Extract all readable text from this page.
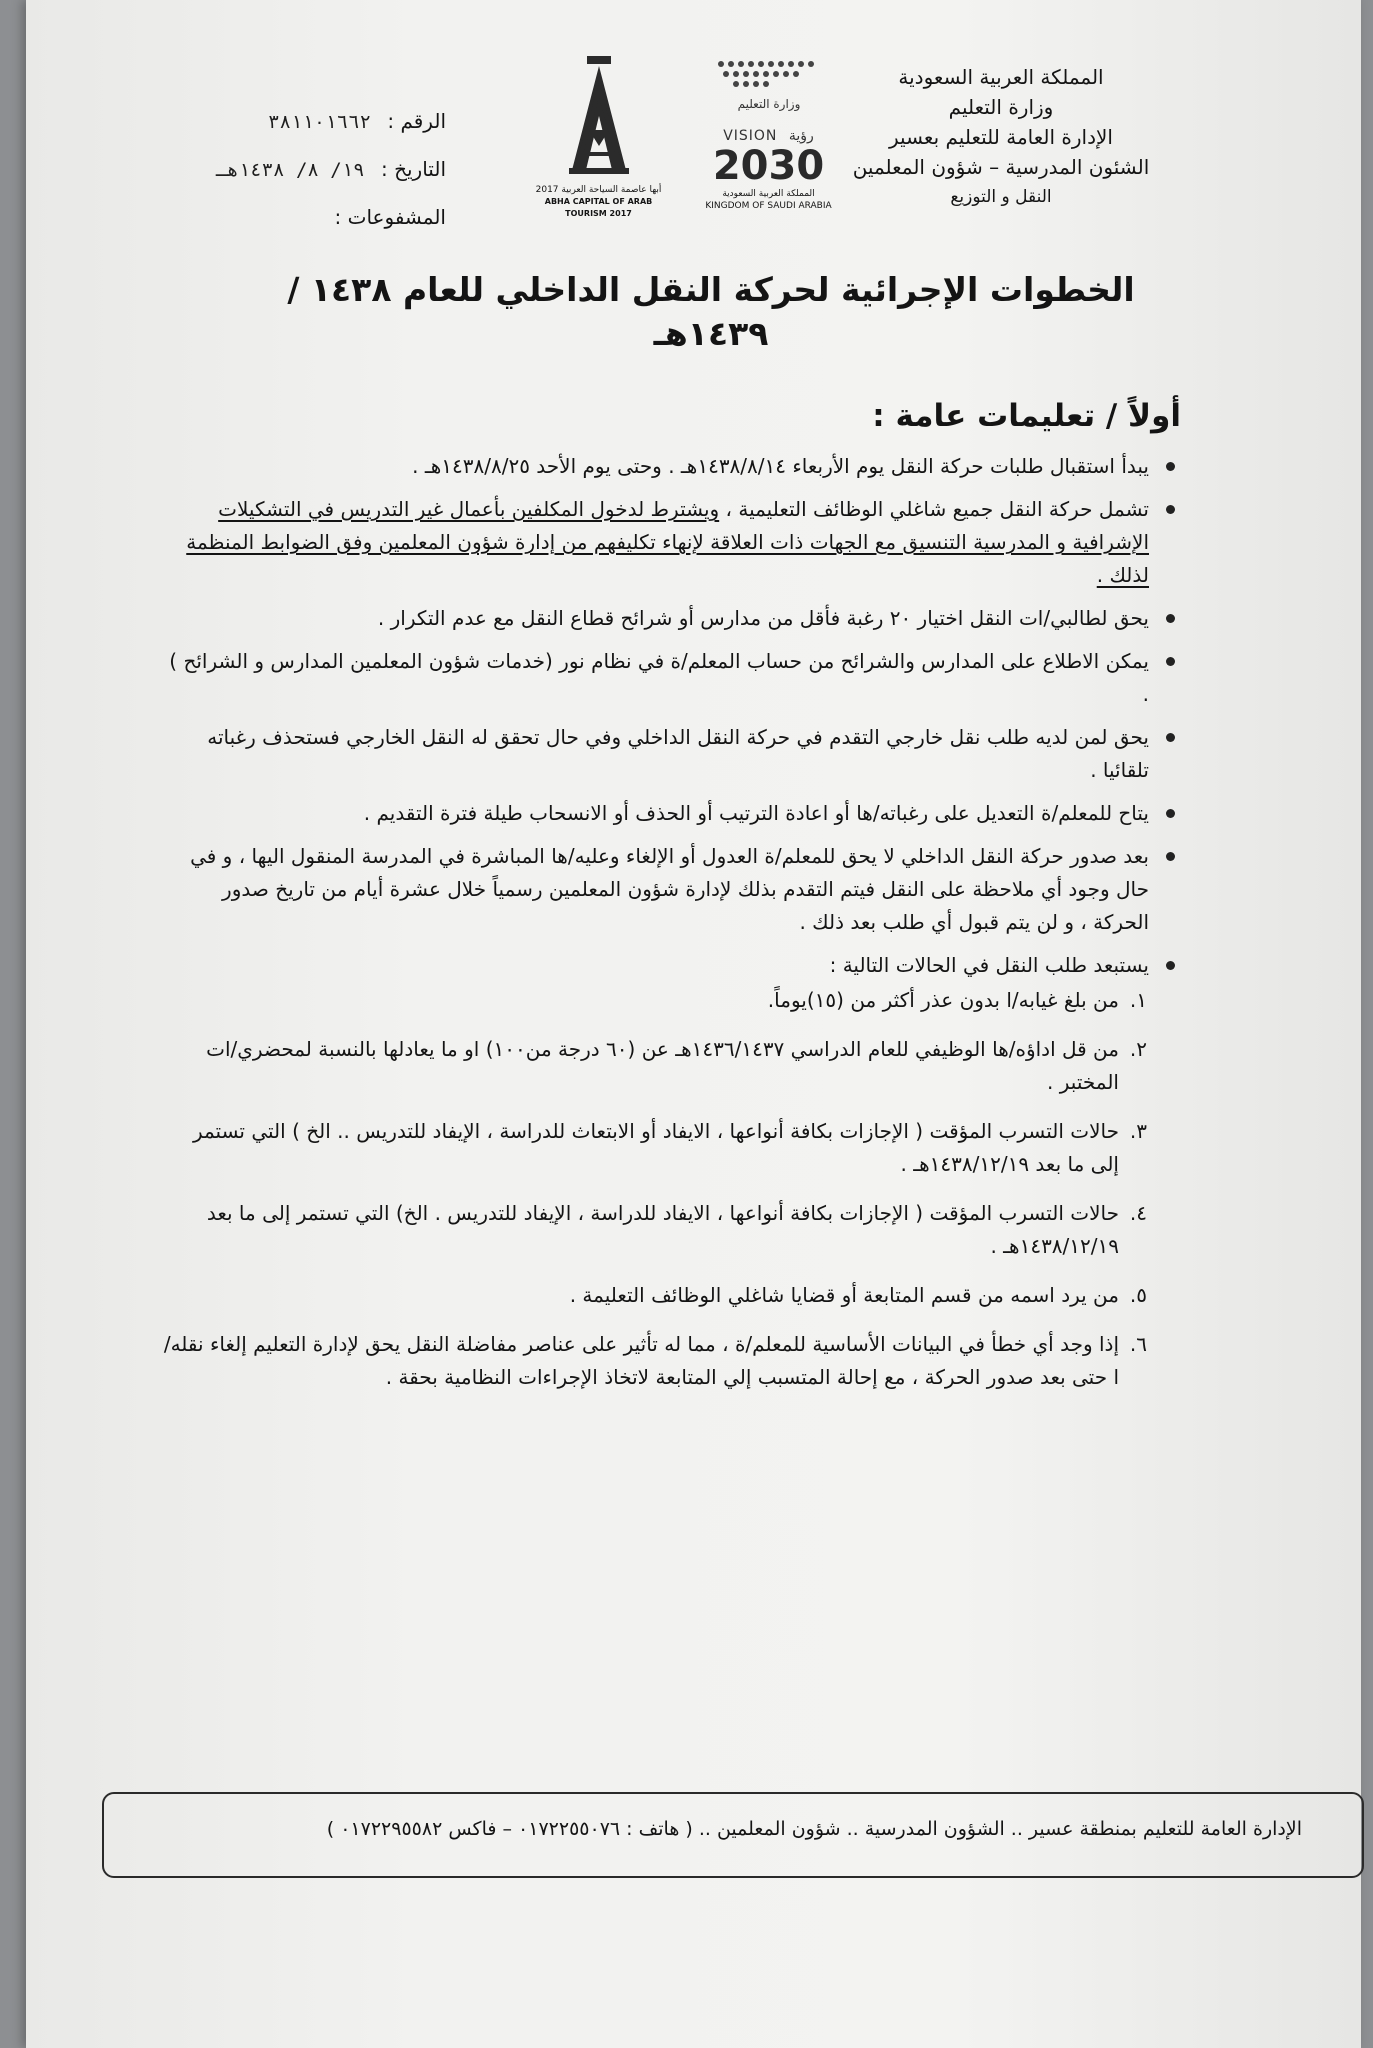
المملكة العربية السعودية
وزارة التعليم
الإدارة العامة للتعليم بعسير
الشئون المدرسية – شؤون المعلمين
النقل و التوزيع
وزارة التعليم
VISION رؤية
2030
المملكة العربية السعودية
KINGDOM OF SAUDI ARABIA
أبها عاصمة السياحة العربية 2017
ABHA CAPITAL OF ARAB TOURISM 2017
الرقم : ٣٨١١٠١٦٦٢
التاريخ : ١٩/ ٨/ ١٤٣٨هـ
المشفوعات :
الخطوات الإجرائية لحركة النقل الداخلي للعام ١٤٣٨ /١٤٣٩هـ
أولاً / تعليمات عامة :
يبدأ استقبال طلبات حركة النقل يوم الأربعاء ١٤٣٨/٨/١٤هـ . وحتى يوم الأحد ١٤٣٨/٨/٢٥هـ .
تشمل حركة النقل جميع شاغلي الوظائف التعليمية ، ويشترط لدخول المكلفين بأعمال غير التدريس في التشكيلات الإشرافية و المدرسية التنسيق مع الجهات ذات العلاقة لإنهاء تكليفهم من إدارة شؤون المعلمين وفق الضوابط المنظمة لذلك .
يحق لطالبي/ات النقل اختيار ٢٠ رغبة فأقل من مدارس أو شرائح قطاع النقل مع عدم التكرار .
يمكن الاطلاع على المدارس والشرائح من حساب المعلم/ة في نظام نور (خدمات شؤون المعلمين المدارس و الشرائح ) .
يحق لمن لديه طلب نقل خارجي التقدم في حركة النقل الداخلي وفي حال تحقق له النقل الخارجي فستحذف رغباته تلقائيا .
يتاح للمعلم/ة التعديل على رغباته/ها أو اعادة الترتيب أو الحذف أو الانسحاب طيلة فترة التقديم .
بعد صدور حركة النقل الداخلي لا يحق للمعلم/ة العدول أو الإلغاء وعليه/ها المباشرة في المدرسة المنقول اليها ، و في حال وجود أي ملاحظة على النقل فيتم التقدم بذلك لإدارة شؤون المعلمين رسمياً خلال عشرة أيام من تاريخ صدور الحركة ، و لن يتم قبول أي طلب بعد ذلك .
يستبعد طلب النقل في الحالات التالية :
١. من بلغ غيابه/ا بدون عذر أكثر من (١٥)يوماً.
٢. من قل اداؤه/ها الوظيفي للعام الدراسي ١٤٣٦/١٤٣٧هـ عن (٦٠ درجة من١٠٠) او ما يعادلها بالنسبة لمحضري/ات المختبر .
٣. حالات التسرب المؤقت ( الإجازات بكافة أنواعها ، الايفاد أو الابتعاث للدراسة ، الإيفاد للتدريس .. الخ ) التي تستمر إلى ما بعد ١٤٣٨/١٢/١٩هـ .
٤. حالات التسرب المؤقت ( الإجازات بكافة أنواعها ، الايفاد للدراسة ، الإيفاد للتدريس . الخ) التي تستمر إلى ما بعد ١٤٣٨/١٢/١٩هـ .
٥. من يرد اسمه من قسم المتابعة أو قضايا شاغلي الوظائف التعليمة .
٦. إذا وجد أي خطأ في البيانات الأساسية للمعلم/ة ، مما له تأثير على عناصر مفاضلة النقل يحق لإدارة التعليم إلغاء نقله/ا حتى بعد صدور الحركة ، مع إحالة المتسبب إلي المتابعة لاتخاذ الإجراءات النظامية بحقة .
الإدارة العامة للتعليم بمنطقة عسير .. الشؤون المدرسية .. شؤون المعلمين .. ( هاتف : ٠١٧٢٢٥٥٠٧٦ – فاكس ٠١٧٢٢٩٥٥٨٢ )
